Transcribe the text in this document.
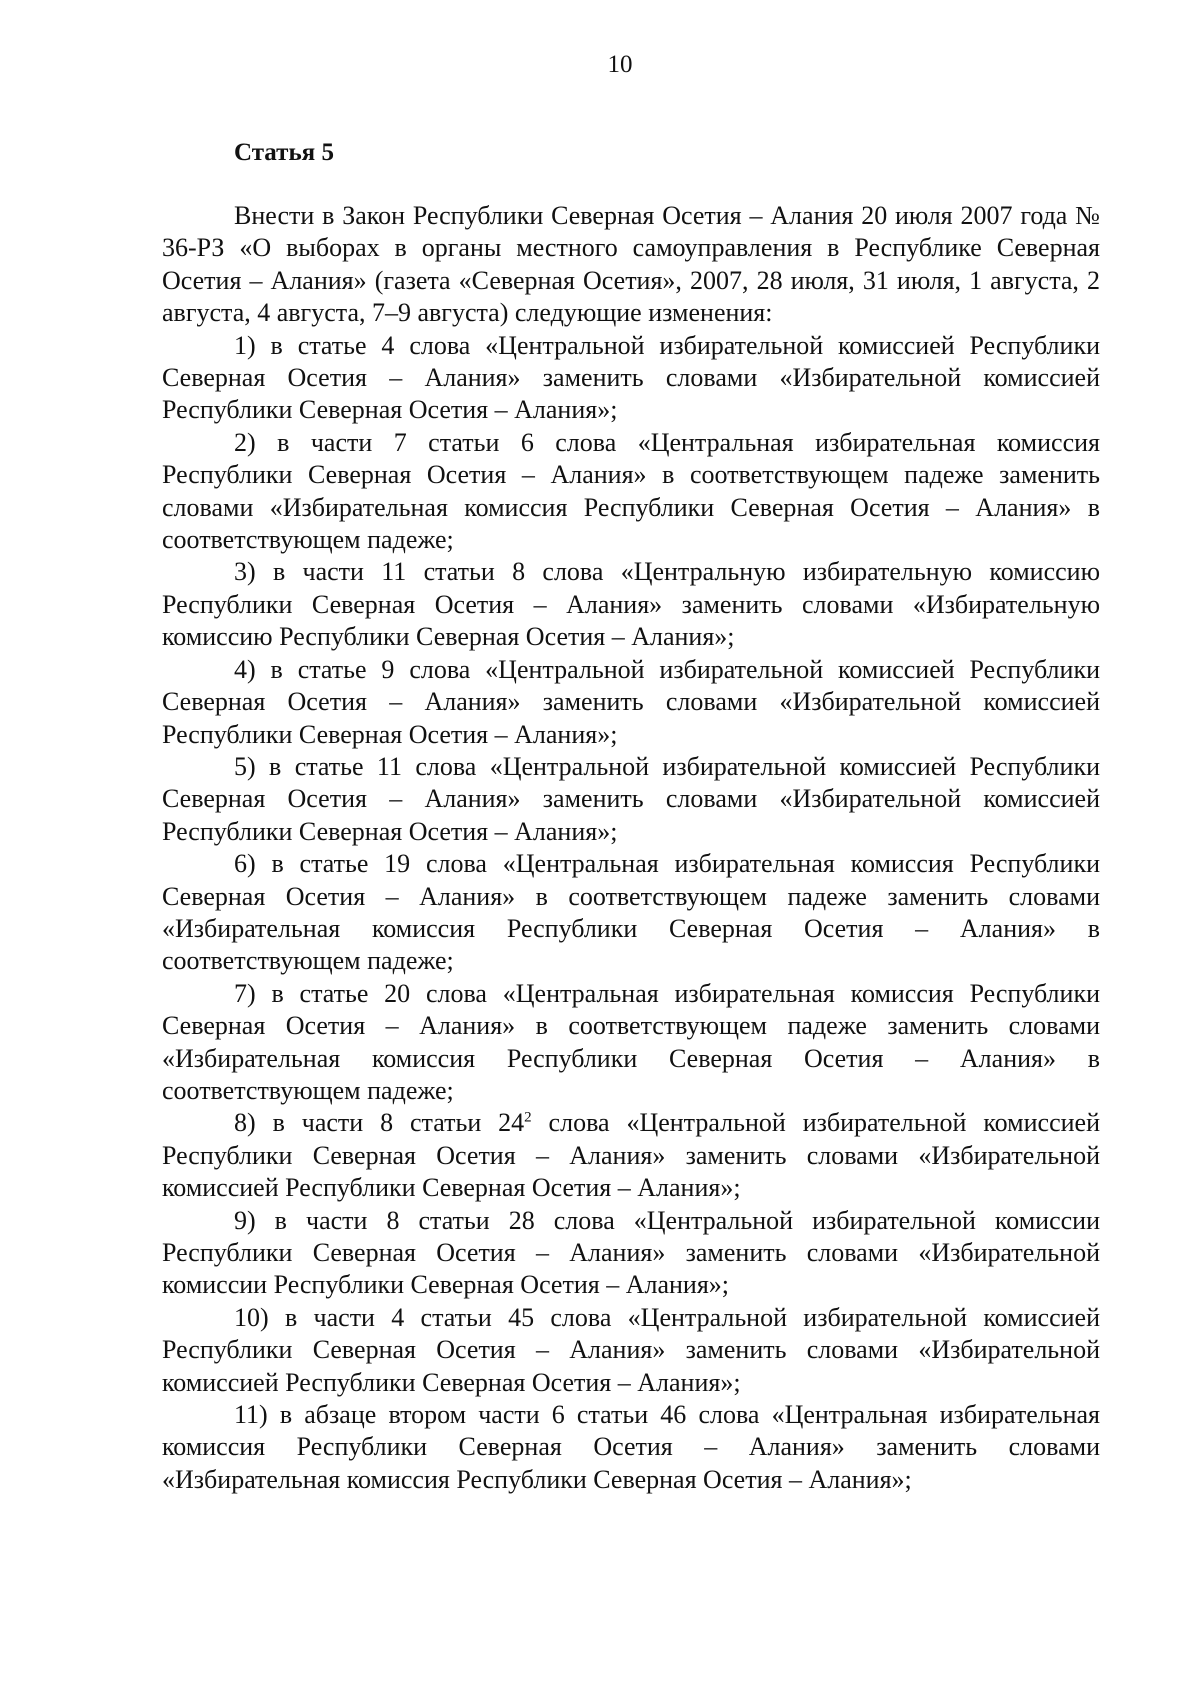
10
Статья 5

Внести в Закон Республики Северная Осетия – Алания 20 июля 2007 года № 36-РЗ «О выборах в органы местного самоуправления в Республике Северная Осетия – Алания» (газета «Северная Осетия», 2007, 28 июля, 31 июля, 1 августа, 2 августа, 4 августа, 7–9 августа) следующие изменения:

1) в статье 4 слова «Центральной избирательной комиссией Республики Северная Осетия – Алания» заменить словами «Избирательной комиссией Республики Северная Осетия – Алания»;

2) в части 7 статьи 6 слова «Центральная избирательная комиссия Республики Северная Осетия – Алания» в соответствующем падеже заменить словами «Избирательная комиссия Республики Северная Осетия – Алания» в соответствующем падеже;

3) в части 11 статьи 8 слова «Центральную избирательную комиссию Республики Северная Осетия – Алания» заменить словами «Избирательную комиссию Республики Северная Осетия – Алания»;

4) в статье 9 слова «Центральной избирательной комиссией Республики Северная Осетия – Алания» заменить словами «Избирательной комиссией Республики Северная Осетия – Алания»;

5) в статье 11 слова «Центральной избирательной комиссией Республики Северная Осетия – Алания» заменить словами «Избирательной комиссией Республики Северная Осетия – Алания»;

6) в статье 19 слова «Центральная избирательная комиссия Республики Северная Осетия – Алания» в соответствующем падеже заменить словами «Избирательная комиссия Республики Северная Осетия – Алания» в соответствующем падеже;

7) в статье 20 слова «Центральная избирательная комиссия Республики Северная Осетия – Алания» в соответствующем падеже заменить словами «Избирательная комиссия Республики Северная Осетия – Алания» в соответствующем падеже;

8) в части 8 статьи $24^2$ слова «Центральной избирательной комиссией Республики Северная Осетия – Алания» заменить словами «Избирательной комиссией Республики Северная Осетия – Алания»;

9) в части 8 статьи 28 слова «Центральной избирательной комиссии Республики Северная Осетия – Алания» заменить словами «Избирательной комиссии Республики Северная Осетия – Алания»;

10) в части 4 статьи 45 слова «Центральной избирательной комиссией Республики Северная Осетия – Алания» заменить словами «Избирательной комиссией Республики Северная Осетия – Алания»;

11) в абзаце втором части 6 статьи 46 слова «Центральная избирательная комиссия Республики Северная Осетия – Алания» заменить словами «Избирательная комиссия Республики Северная Осетия – Алания»;
